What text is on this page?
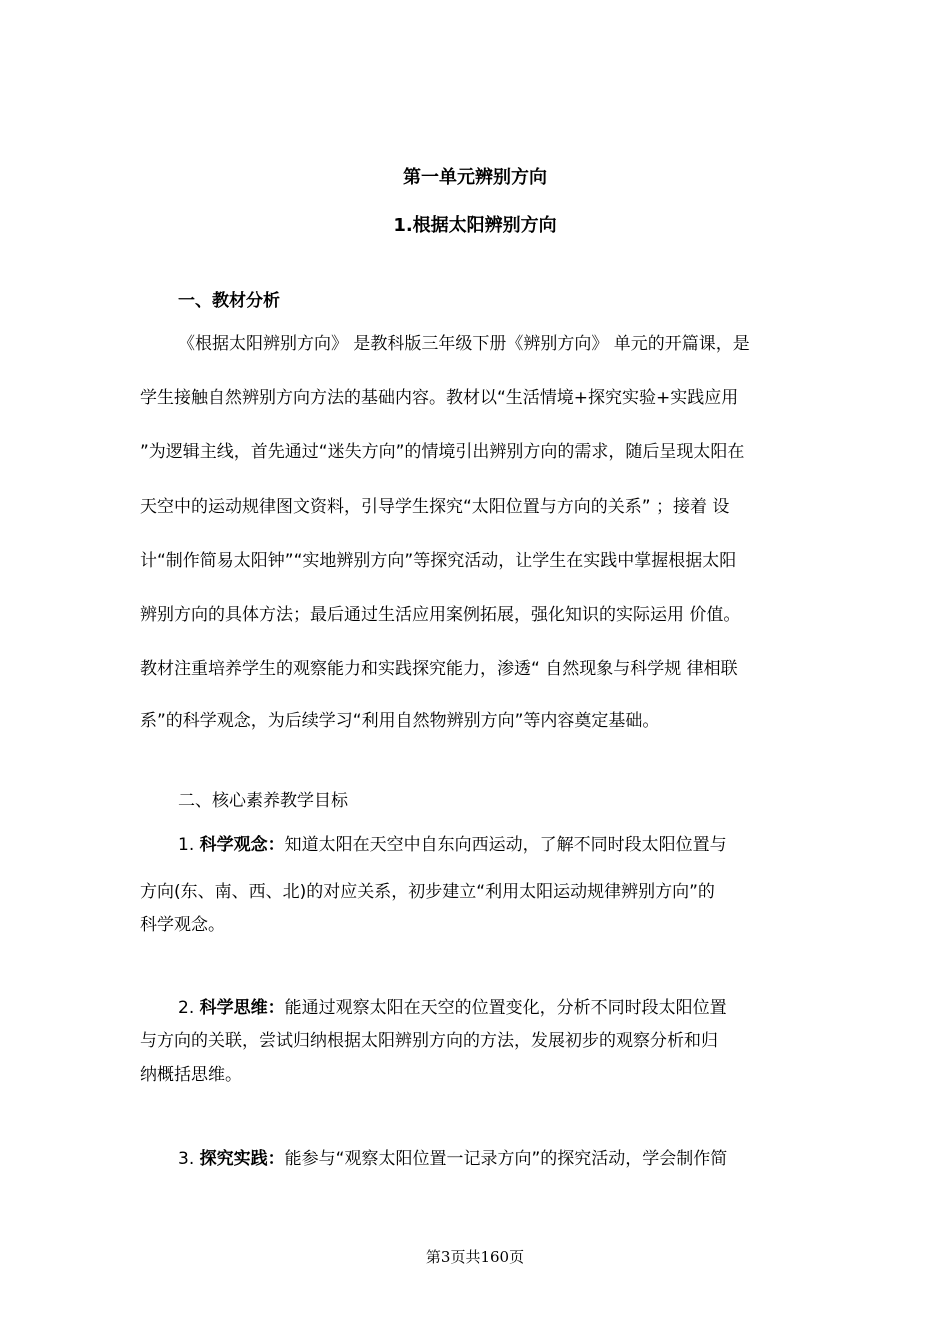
第一单元辨别方向
1.根据太阳辨别方向
一、教材分析
《根据太阳辨别方向》 是教科版三年级下册《辨别方向》 单元的开篇课，是
学生接触自然辨别方向方法的基础内容。教材以“生活情境+探究实验+实践应用
”为逻辑主线，首先通过“迷失方向”的情境引出辨别方向的需求，随后呈现太阳在
天空中的运动规律图文资料，引导学生探究“太阳位置与方向的关系” ；接着 设
计“制作简易太阳钟”“实地辨别方向”等探究活动，让学生在实践中掌握根据太阳
辨别方向的具体方法；最后通过生活应用案例拓展，强化知识的实际运用 价值。
教材注重培养学生的观察能力和实践探究能力，渗透“ 自然现象与科学规 律相联
系”的科学观念，为后续学习“利用自然物辨别方向”等内容奠定基础。
二、核心素养教学目标
1. 科学观念：知道太阳在天空中自东向西运动，了解不同时段太阳位置与
方向(东、南、西、北)的对应关系，初步建立“利用太阳运动规律辨别方向”的
科学观念。
2. 科学思维：能通过观察太阳在天空的位置变化，分析不同时段太阳位置
与方向的关联，尝试归纳根据太阳辨别方向的方法，发展初步的观察分析和归
纳概括思维。
3. 探究实践：能参与“观察太阳位置一记录方向”的探究活动，学会制作简
第3页共160页
